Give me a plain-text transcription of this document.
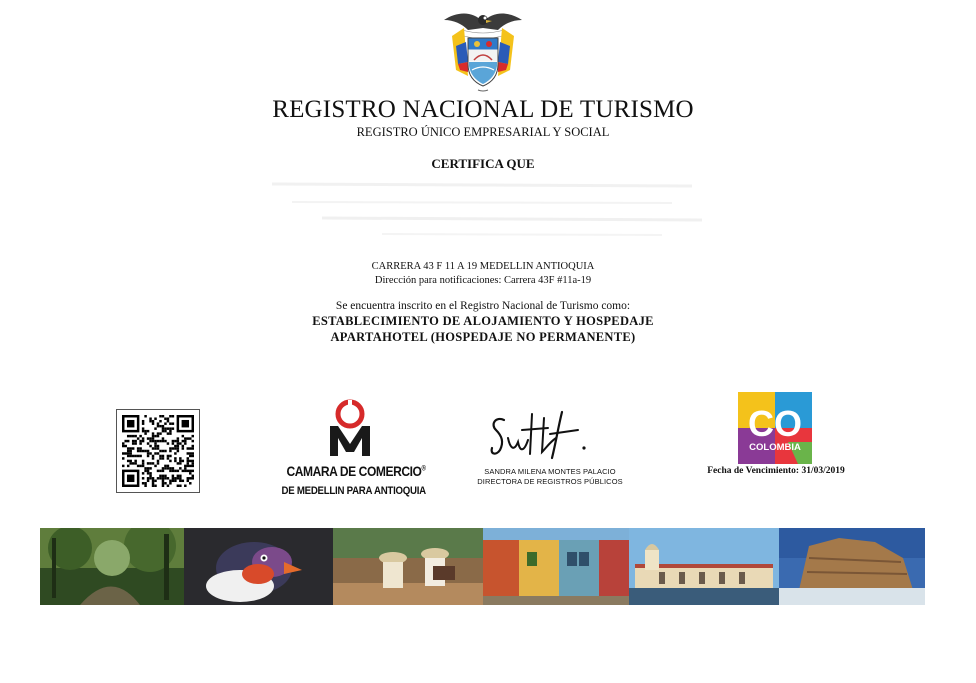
REGISTRO NACIONAL DE TURISMO
REGISTRO ÚNICO EMPRESARIAL Y SOCIAL
CERTIFICA QUE
CARRERA 43 F 11 A 19 MEDELLIN ANTIOQUIA
Dirección para notificaciones: Carrera 43F #11a-19
Se encuentra inscrito en el Registro Nacional de Turismo como:
ESTABLECIMIENTO DE ALOJAMIENTO Y HOSPEDAJE
APARTAHOTEL (HOSPEDAJE NO PERMANENTE)
CAMARA DE COMERCIO®
DE MEDELLIN PARA ANTIOQUIA
SANDRA MILENA MONTES PALACIO
DIRECTORA DE REGISTROS PÚBLICOS
CO
COLOMBIA
Fecha de Vencimiento: 31/03/2019
